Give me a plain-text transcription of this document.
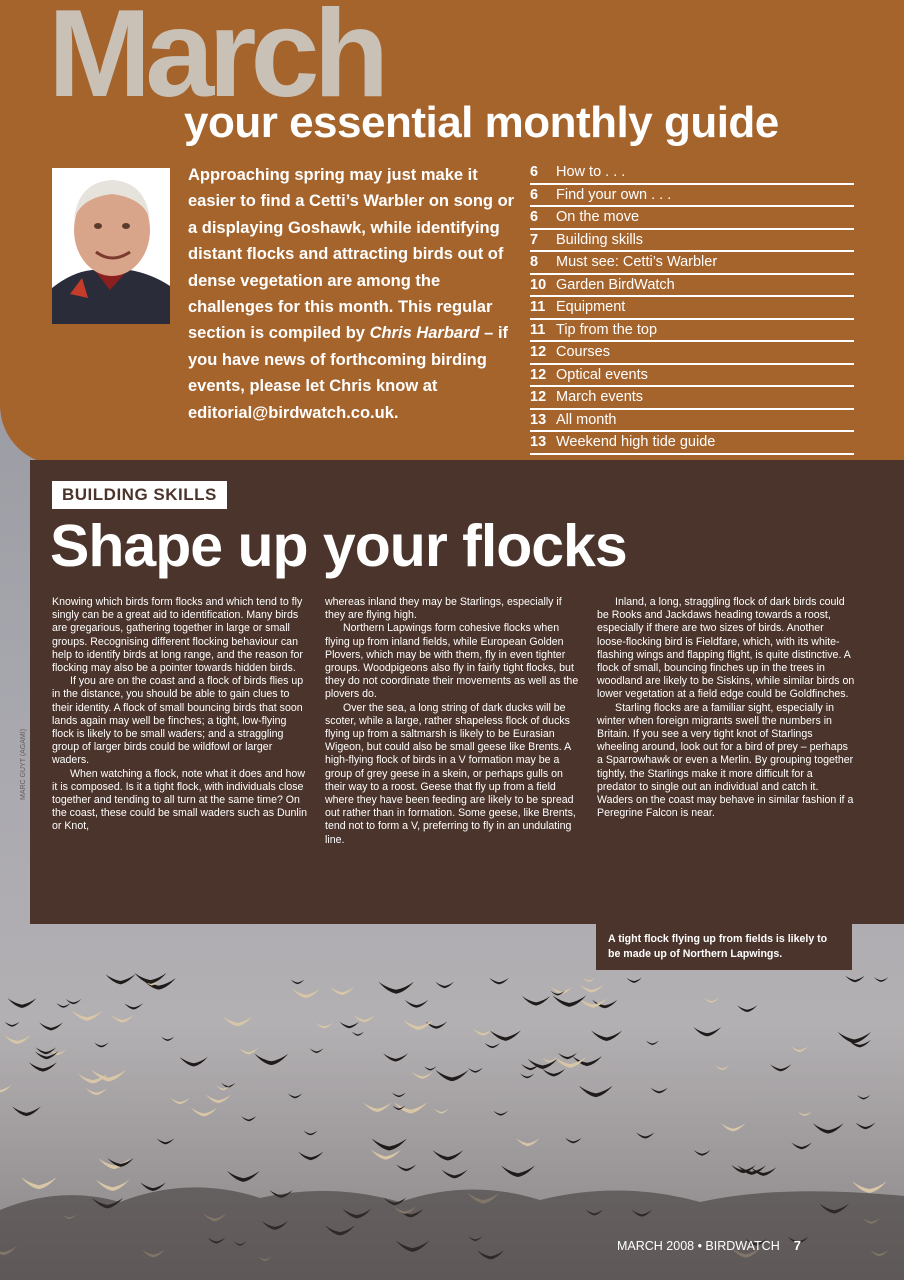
March
your essential monthly guide

Approaching spring may just make it easier to find a Cetti’s Warbler on song or a displaying Goshawk, while identifying distant flocks and attracting birds out of dense vegetation are among the challenges for this month. This regular section is compiled by Chris Harbard – if you have news of forthcoming birding events, please let Chris know at editorial@birdwatch.co.uk.

6 How to . . .
6 Find your own . . .
6 On the move
7 Building skills
8 Must see: Cetti’s Warbler
10 Garden BirdWatch
11 Equipment
11 Tip from the top
12 Courses
12 Optical events
12 March events
13 All month
13 Weekend high tide guide
BUILDING SKILLS
Shape up your flocks

Knowing which birds form flocks and which tend to fly singly can be a great aid to identification. Many birds are gregarious, gathering together in large or small groups. Recognising different flocking behaviour can help to identify birds at long range, and the reason for flocking may also be a pointer towards hidden birds.

If you are on the coast and a flock of birds flies up in the distance, you should be able to gain clues to their identity. A flock of small bouncing birds that soon lands again may well be finches; a tight, low-flying flock is likely to be small waders; and a straggling group of larger birds could be wildfowl or larger waders.

When watching a flock, note what it does and how it is composed. Is it a tight flock, with individuals close together and tending to all turn at the same time? On the coast, these could be small waders such as Dunlin or Knot,

whereas inland they may be Starlings, especially if they are flying high.

Northern Lapwings form cohesive flocks when flying up from inland fields, while European Golden Plovers, which may be with them, fly in even tighter groups. Woodpigeons also fly in fairly tight flocks, but they do not coordinate their movements as well as the plovers do.

Over the sea, a long string of dark ducks will be scoter, while a large, rather shapeless flock of ducks flying up from a saltmarsh is likely to be Eurasian Wigeon, but could also be small geese like Brents. A high-flying flock of birds in a V formation may be a group of grey geese in a skein, or perhaps gulls on their way to a roost. Geese that fly up from a field where they have been feeding are likely to be spread out rather than in formation. Some geese, like Brents, tend not to form a V, preferring to fly in an undulating line.

Inland, a long, straggling flock of dark birds could be Rooks and Jackdaws heading towards a roost, especially if there are two sizes of birds. Another loose-flocking bird is Fieldfare, which, with its white-flashing wings and flapping flight, is quite distinctive. A flock of small, bouncing finches up in the trees in woodland are likely to be Siskins, while similar birds on lower vegetation at a field edge could be Goldfinches.

Starling flocks are a familiar sight, especially in winter when foreign migrants swell the numbers in Britain. If you see a very tight knot of Starlings wheeling around, look out for a bird of prey – perhaps a Sparrowhawk or even a Merlin. By grouping together tightly, the Starlings make it more difficult for a predator to single out an individual and catch it. Waders on the coast may behave in similar fashion if a Peregrine Falcon is near.

MARC GUYT (AGAMI)
A tight flock flying up from fields is likely to be made up of Northern Lapwings.
MARCH 2008 • BIRDWATCH 7
